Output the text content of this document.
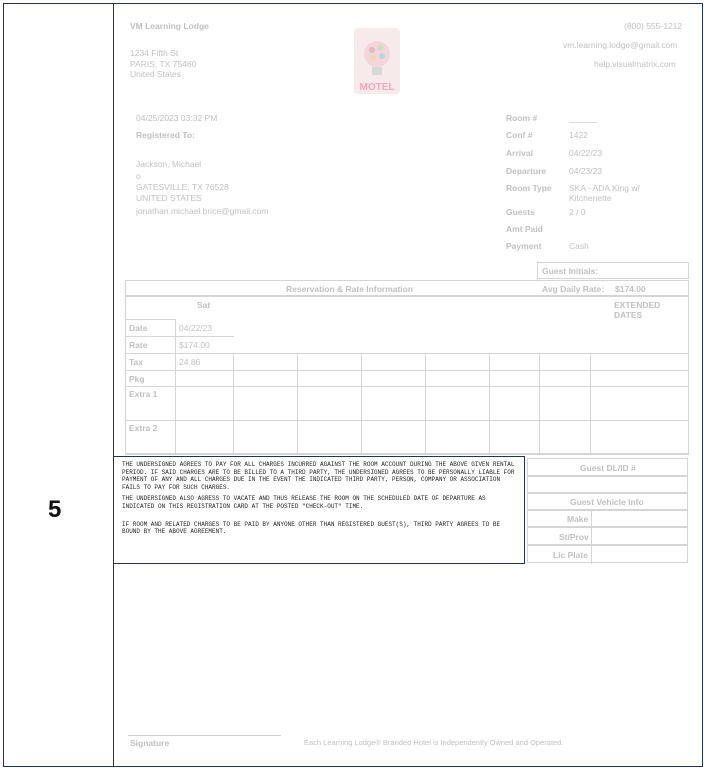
5
VM Learning Lodge
1234 Fifth St
PARIS, TX 75460
United States
(800) 555-1212
vm.learning.lodge@gmail.com
help.visualmatrix.com
MOTEL
04/25/2023 03:32 PM
Registered To:
Jackson, Michael
o
GATESVILLE, TX 76528
UNITED STATES
jonathan.michael.brice@gmail.com
Room #	______
Conf #	1422
Arrival	04/22/23
Departure	04/23/23
Room Type SKA - ADA King w/ Kitchenette
Guests	2 / 0
Amt Paid
Payment	Cash
Guest Initials:
Reservation & Rate Information	Avg Daily Rate: $174.00
Sat	EXTENDED DATES
Date	04/22/23							
Rate	$174.00							
Tax	24.86							
Pkg								
Extra 1								
Extra 2								
Guest DL/ID #
Guest Vehicle Info
Make
St/Prov
Lic Plate

THE UNDERSIGNED AGREES TO PAY FOR ALL CHARGES INCURRED AGAINST THE ROOM ACCOUNT DURING THE ABOVE GIVEN RENTAL PERIOD. IF SAID CHARGES ARE TO BE BILLED TO A THIRD PARTY, THE UNDERSIGNED AGREES TO BE PERSONALLY LIABLE FOR PAYMENT OF ANY AND ALL CHARGES DUE IN THE EVENT THE INDICATED THIRD PARTY, PERSON, COMPANY OR ASSOCIATION FAILS TO PAY FOR SUCH CHARGES.

THE UNDERSIGNED ALSO AGRESS TO VACATE AND THUS RELEASE THE ROOM ON THE SCHEDULED DATE OF DEPARTURE AS INDICATED ON THIS REGISTRATION CARD AT THE POSTED "CHECK-OUT" TIME.

IF ROOM AND RELATED CHARGES TO BE PAID BY ANYONE OTHER THAN REGISTERED GUEST(S), THIRD PARTY AGREES TO BE BOUND BY THE ABOVE AGREEMENT.

Signature	Each Learning Lodge® Branded Hotel is Independently Owned and Operated.
